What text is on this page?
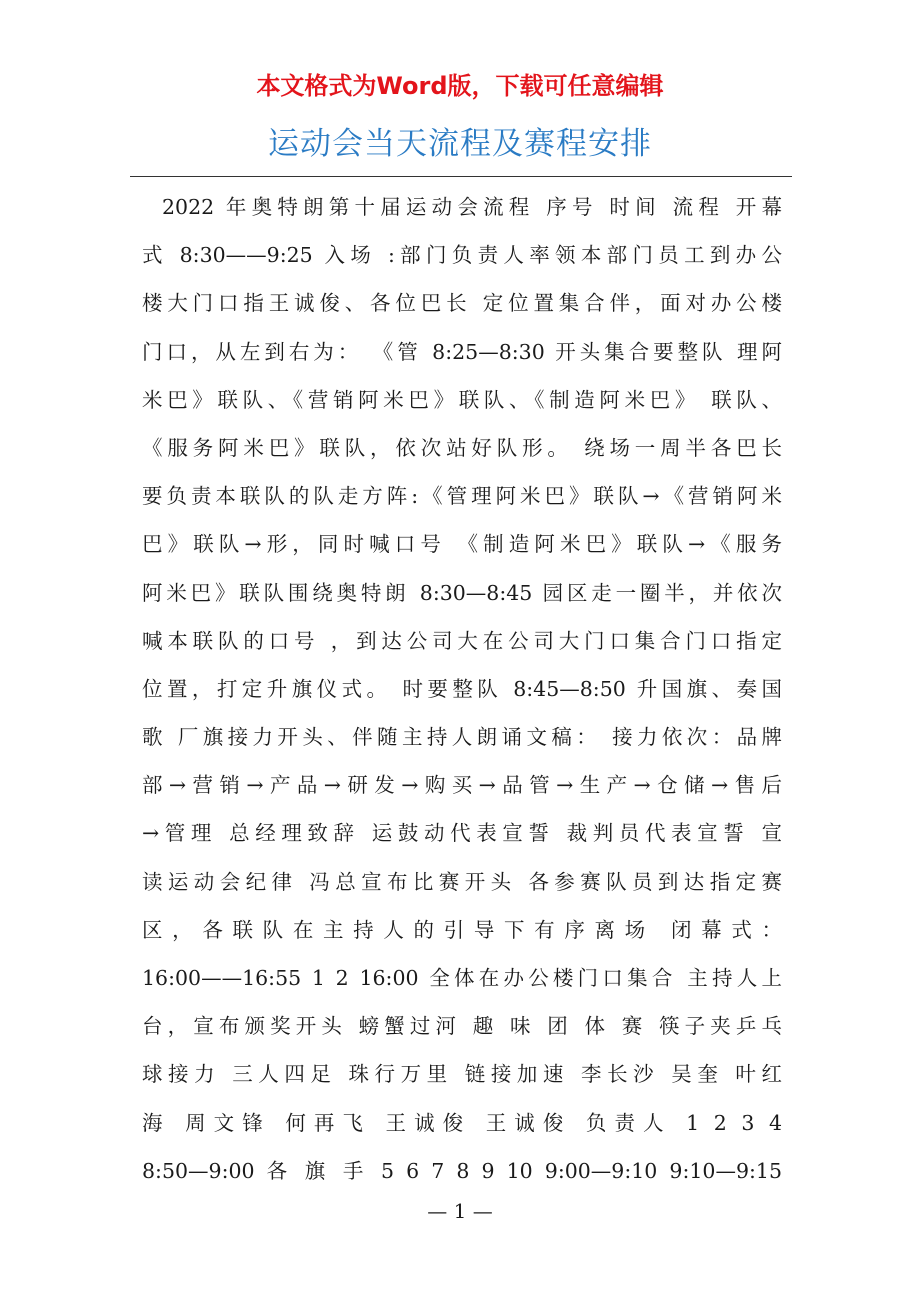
本文格式为Word版，下载可任意编辑
运动会当天流程及赛程安排
2022 年奥特朗第十届运动会流程 序号 时间 流程 开幕
式 8:30——9:25 入场 :部门负责人率领本部门员工到办公
楼大门口指王诚俊、各位巴长 定位置集合伴，面对办公楼
门口，从左到右为： 《管 8:25—8:30 开头集合要整队 理阿
米巴》联队、《营销阿米巴》联队、《制造阿米巴》 联队、
《服务阿米巴》联队，依次站好队形。 绕场一周半各巴长
要负责本联队的队走方阵:《管理阿米巴》联队→《营销阿米
巴》联队→形，同时喊口号 《制造阿米巴》联队→《服务
阿米巴》联队围绕奥特朗 8:30—8:45 园区走一圈半，并依次
喊本联队的口号 ，到达公司大在公司大门口集合门口指定
位置，打定升旗仪式。 时要整队 8:45—8:50 升国旗、奏国
歌 厂旗接力开头、伴随主持人朗诵文稿： 接力依次：品牌
部→营销→产品→研发→购买→品管→生产→仓储→售后
→管理 总经理致辞 运鼓动代表宣誓 裁判员代表宣誓 宣
读运动会纪律 冯总宣布比赛开头 各参赛队员到达指定赛
区，各联队在主持人的引导下有序离场 闭幕式：
16:00——16:55 1 2 16:00 全体在办公楼门口集合 主持人上
台，宣布颁奖开头 螃蟹过河 趣 味 团 体 赛 筷子夹乒乓
球接力 三人四足 珠行万里 链接加速 李长沙 吴奎 叶红
海 周文锋 何再飞 王诚俊 王诚俊 负责人 1 2 3 4
8:50—9:00 各 旗 手 5 6 7 8 9 10 9:00—9:10 9:10—9:15
— 1 —
